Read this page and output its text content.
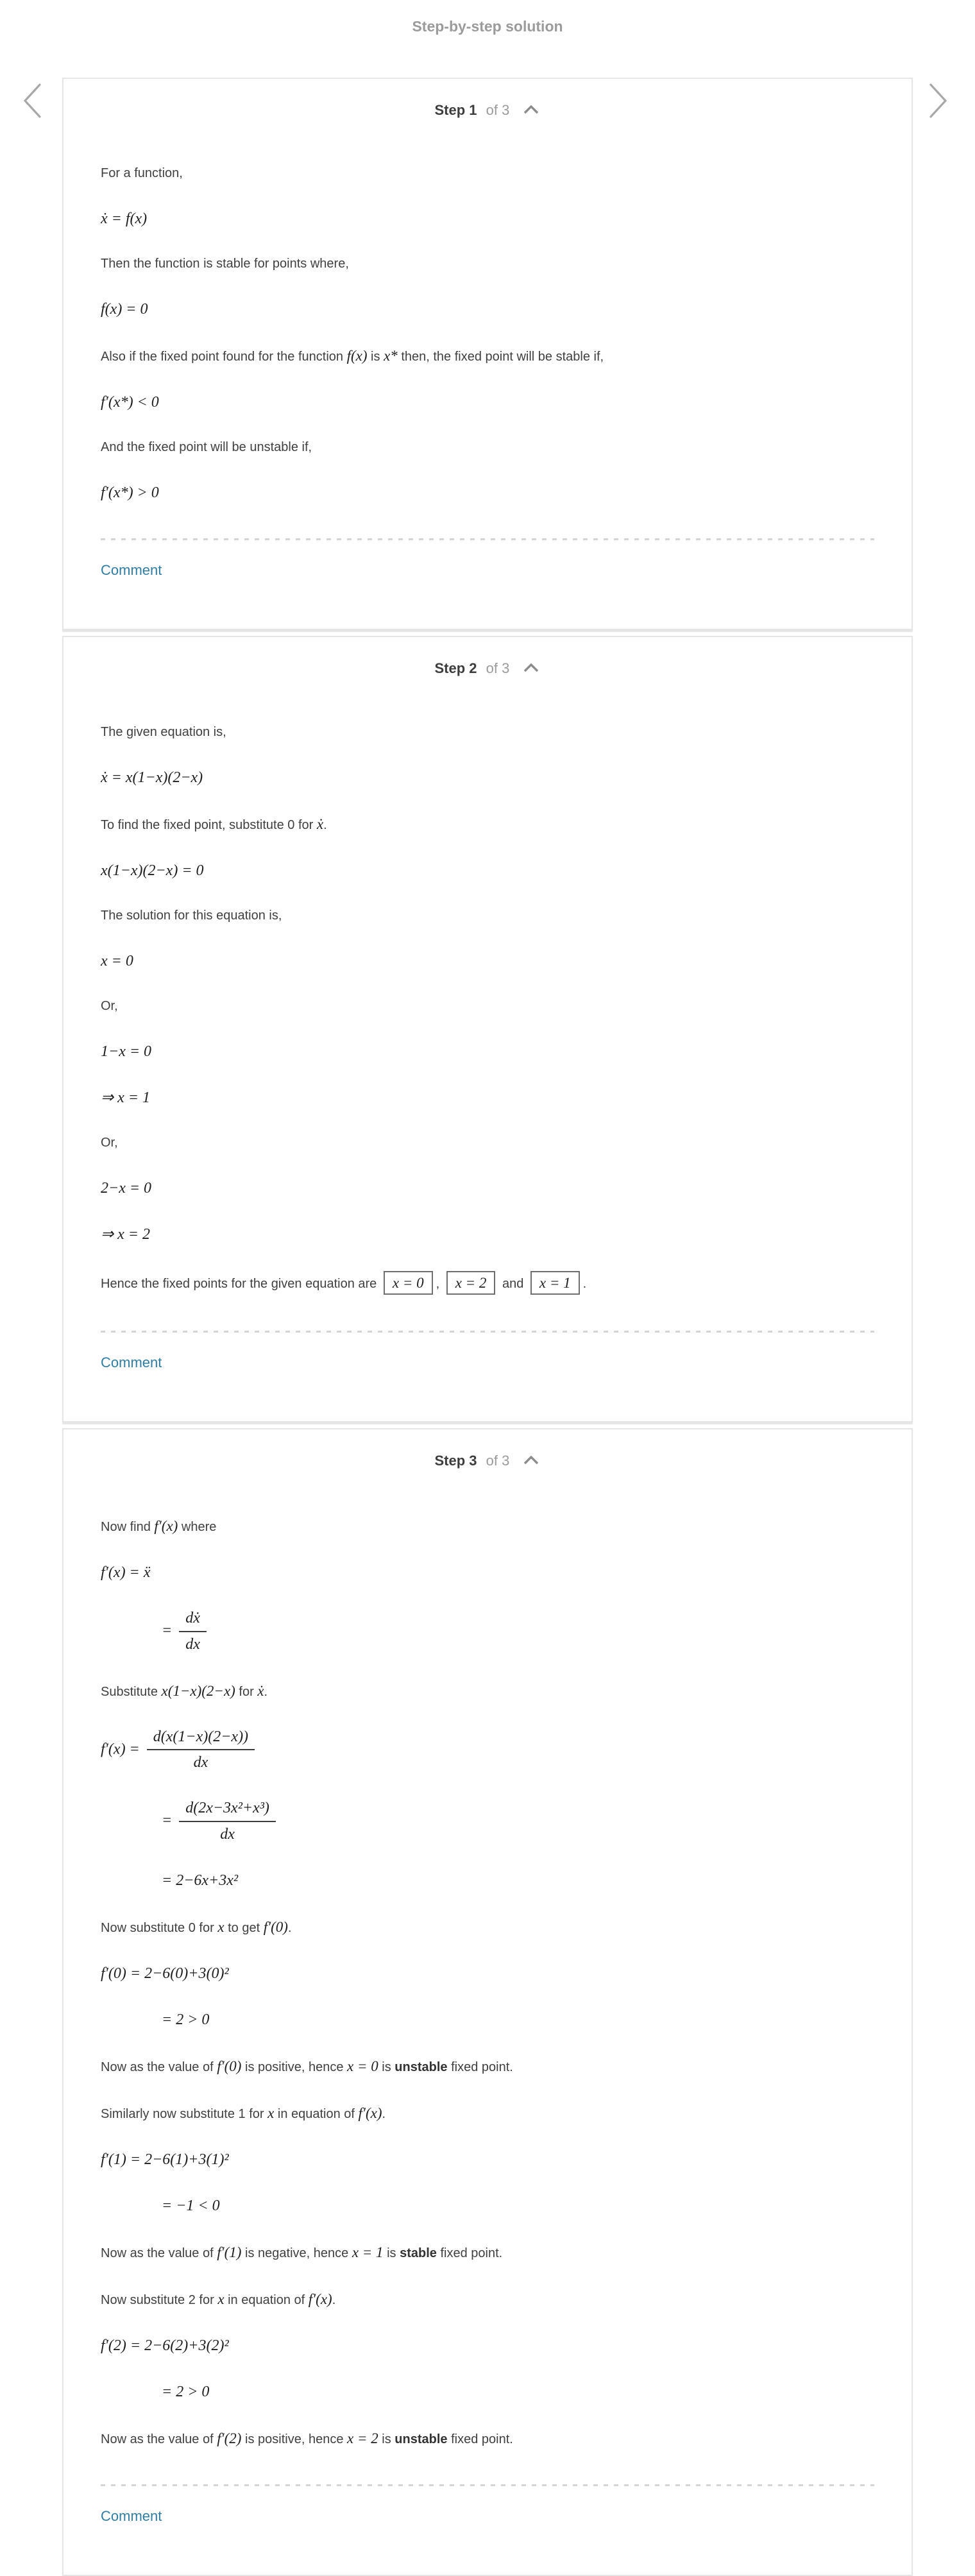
Step-by-step solution
Step 1 of 3

For a function,

ẋ = f(x)

Then the function is stable for points where,

f(x) = 0

Also if the fixed point found for the function f(x) is x* then, the fixed point will be stable if,

f′(x*) < 0

And the fixed point will be unstable if,

f′(x*) > 0
Comment
Step 2 of 3

The given equation is,

ẋ = x(1−x)(2−x)

To find the fixed point, substitute 0 for ẋ.

x(1−x)(2−x) = 0

The solution for this equation is,

x = 0

Or,

1−x = 0
⇒ x = 1

Or,

2−x = 0
⇒ x = 2

Hence the fixed points for the given equation are x = 0 , x = 2 and x = 1 .

Comment
Step 3 of 3

Now find f′(x) where

f′(x) = ẍ
= $\frac{\text{dẋ}}{dx}$

Substitute x(1−x)(2−x) for ẋ.

$f'(x) = \frac{d(x(1-x)(2-x))}{dx}$
= $\frac{\text{d(2x−3x²+x³)}}{dx}$
= 2−6x+3x²

Now substitute 0 for x to get f′(0).

f′(0) = 2−6(0)+3(0)²
= 2 > 0

Now as the value of f′(0) is positive, hence x = 0 is unstable fixed point.

Similarly now substitute 1 for x in equation of f′(x).

f′(1) = 2−6(1)+3(1)²
= −1 < 0

Now as the value of f′(1) is negative, hence x = 1 is stable fixed point.

Now substitute 2 for x in equation of f′(x).

f′(2) = 2−6(2)+3(2)²
= 2 > 0

Now as the value of f′(2) is positive, hence x = 2 is unstable fixed point.

Comment
